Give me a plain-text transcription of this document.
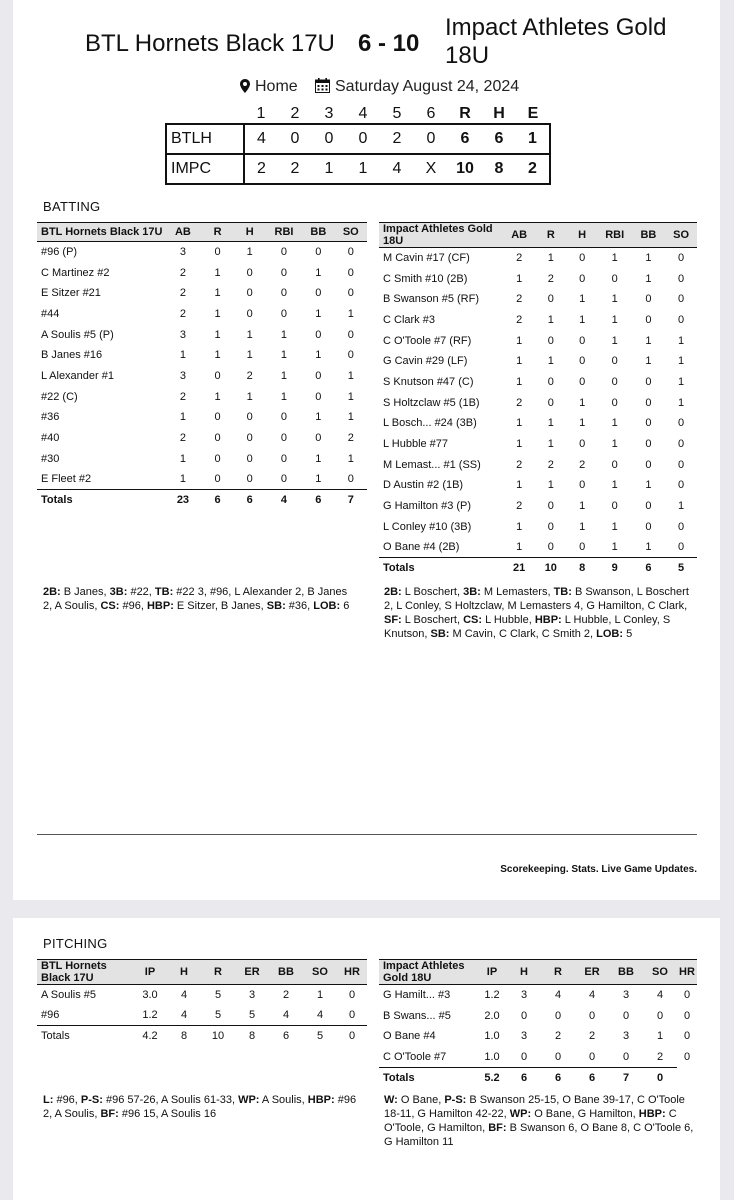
BTL Hornets Black 17U 6 - 10
Impact Athletes Gold 18U
Home	Saturday August 24, 2024
	1	2	3	4	5	6	R	H	E
BTLH	4	0	0	0	2	0	6	6	1
IMPC	2	2	1	1	4	X	10	8	2
BATTING
BTL Hornets Black 17U	AB	R	H	RBI	BB	SO
#96 (P)	3	0	1	0	0	0
C Martinez #2	2	1	0	0	1	0
E Sitzer #21	2	1	0	0	0	0
#44	2	1	0	0	1	1
A Soulis #5 (P)	3	1	1	1	0	0
B Janes #16	1	1	1	1	1	0
L Alexander #1	3	0	2	1	0	1
#22 (C)	2	1	1	1	0	1
#36	1	0	0	0	1	1
#40	2	0	0	0	0	2
#30	1	0	0	0	1	1
E Fleet #2	1	0	0	0	1	0
Totals	23	6	6	4	6	7
Impact Athletes Gold 18U	AB	R	H	RBI	BB	SO
M Cavin #17 (CF)	2	1	0	1	1	0
C Smith #10 (2B)	1	2	0	0	1	0
B Swanson #5 (RF)	2	0	1	1	0	0
C Clark #3	2	1	1	1	0	0
C O'Toole #7 (RF)	1	0	0	1	1	1
G Cavin #29 (LF)	1	1	0	0	1	1
S Knutson #47 (C)	1	0	0	0	0	1
S Holtzclaw #5 (1B)	2	0	1	0	0	1
L Bosch... #24 (3B)	1	1	1	1	0	0
L Hubble #77	1	1	0	1	0	0
M Lemast... #1 (SS)	2	2	2	0	0	0
D Austin #2 (1B)	1	1	0	1	1	0
G Hamilton #3 (P)	2	0	1	0	0	1
L Conley #10 (3B)	1	0	1	1	0	0
O Bane #4 (2B)	1	0	0	1	1	0
Totals	21	10	8	9	6	5
2B: B Janes, 3B: #22, TB: #22 3, #96, L Alexander 2, B Janes 2, A Soulis, CS: #96, HBP: E Sitzer, B Janes, SB: #36, LOB: 6
2B: L Boschert, 3B: M Lemasters, TB: B Swanson, L Boschert 2, L Conley, S Holtzclaw, M Lemasters 4, G Hamilton, C Clark, SF: L Boschert, CS: L Hubble, HBP: L Hubble, L Conley, S Knutson, SB: M Cavin, C Clark, C Smith 2, LOB: 5
Scorekeeping. Stats. Live Game Updates.
PITCHING
BTL Hornets Black 17U	IP	H	R	ER	BB	SO	HR
A Soulis #5	3.0	4	5	3	2	1	0
#96	1.2	4	5	5	4	4	0
Totals	4.2	8	10	8	6	5	0
Impact Athletes Gold 18U	IP	H	R	ER	BB	SO	HR
G Hamilt... #3	1.2	3	4	4	3	4	0
B Swans... #5	2.0	0	0	0	0	0	0
O Bane #4	1.0	3	2	2	3	1	0
C O'Toole #7	1.0	0	0	0	0	2	0
Totals	5.2	6	6	6	7	0	
L: #96, P-S: #96 57-26, A Soulis 61-33, WP: A Soulis, HBP: #96 2, A Soulis, BF: #96 15, A Soulis 16
W: O Bane, P-S: B Swanson 25-15, O Bane 39-17, C O'Toole 18-11, G Hamilton 42-22, WP: O Bane, G Hamilton, HBP: C O'Toole, G Hamilton, BF: B Swanson 6, O Bane 8, C O'Toole 6, G Hamilton 11
